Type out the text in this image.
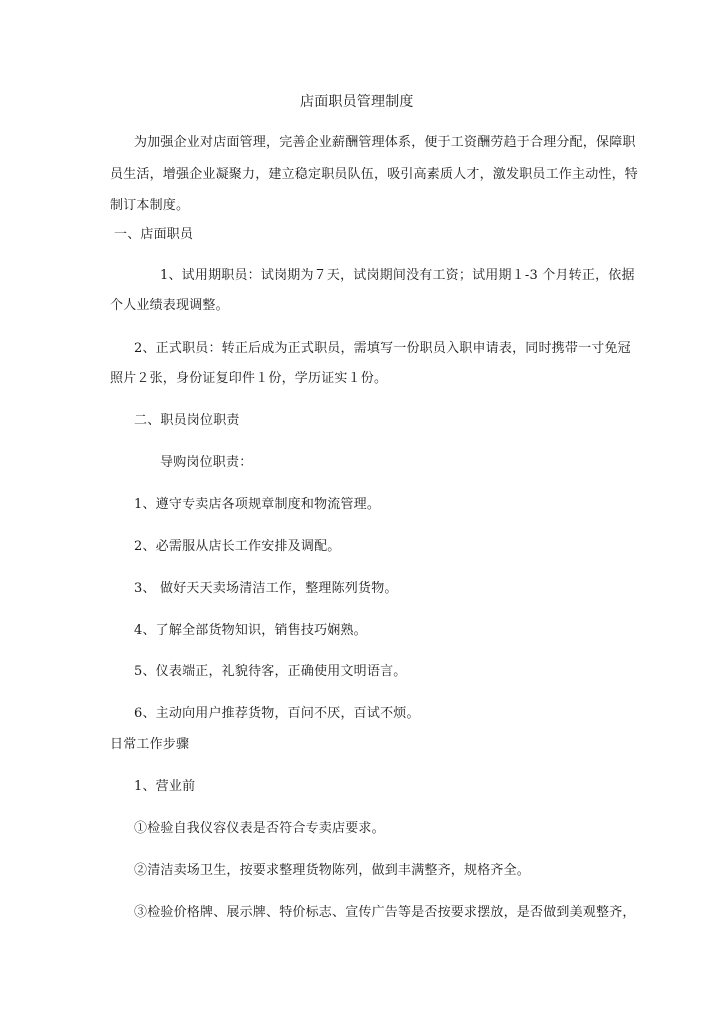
店面职员管理制度
为加强企业对店面管理，完善企业薪酬管理体系，便于工资酬劳趋于合理分配，保障职
员生活，增强企业凝聚力，建立稳定职员队伍，吸引高素质人才，激发职员工作主动性，特
制订本制度。
一、店面职员
1、试用期职员：试岗期为７天，试岗期间没有工资；试用期１-3 个月转正，依据
个人业绩表现调整。
2、正式职员：转正后成为正式职员，需填写一份职员入职申请表，同时携带一寸免冠
照片２张，身份证复印件１份，学历证实１份。
二、职员岗位职责
导购岗位职责：
1、遵守专卖店各项规章制度和物流管理。
2、必需服从店长工作安排及调配。
3、 做好天天卖场清洁工作，整理陈列货物。
4、了解全部货物知识，销售技巧娴熟。
5、仪表端正，礼貌待客，正确使用文明语言。
6、主动向用户推荐货物，百问不厌，百试不烦。
日常工作步骤
1、营业前
①检验自我仪容仪表是否符合专卖店要求。
②清洁卖场卫生，按要求整理货物陈列，做到丰满整齐，规格齐全。
③检验价格牌、展示牌、特价标志、宣传广告等是否按要求摆放，是否做到美观整齐，
